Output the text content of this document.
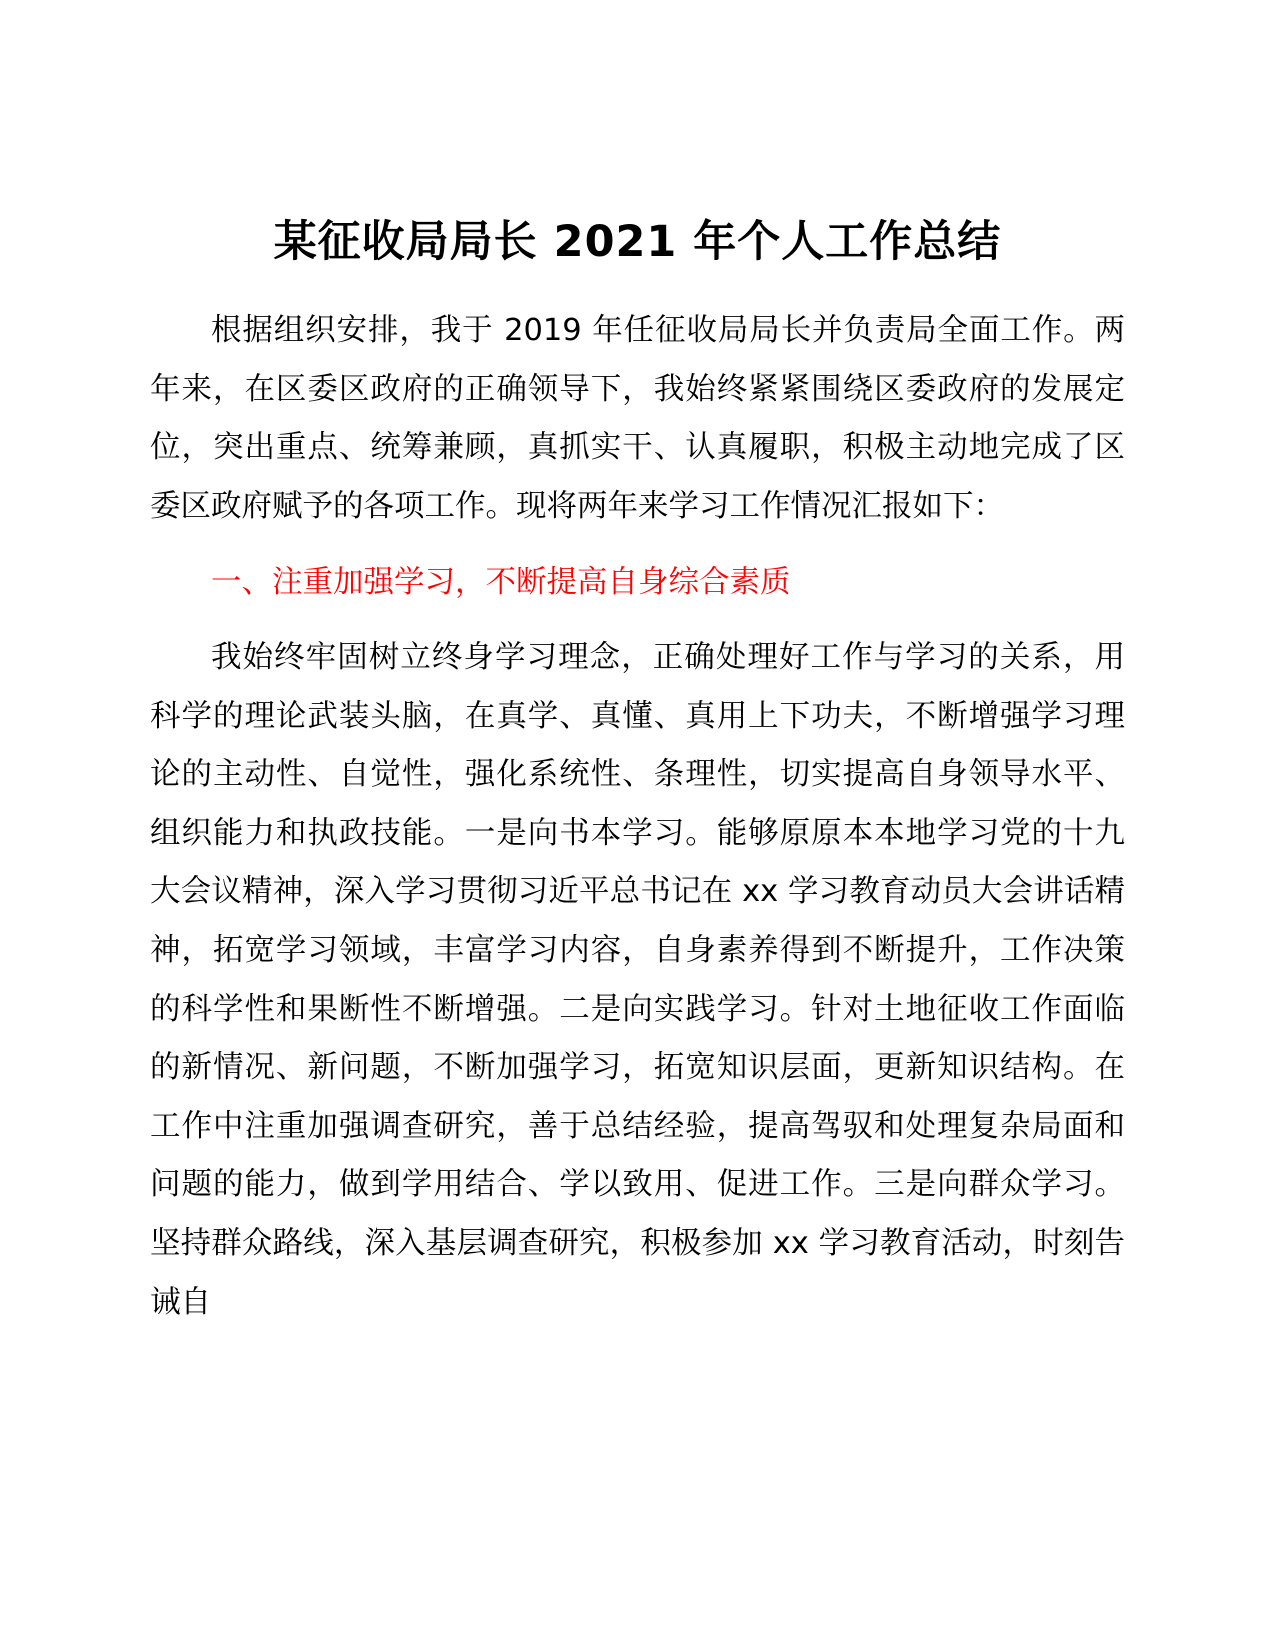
某征收局局长 2021 年个人工作总结

根据组织安排，我于 2019 年任征收局局长并负责局全面工作。两年来，在区委区政府的正确领导下，我始终紧紧围绕区委政府的发展定位，突出重点、统筹兼顾，真抓实干、认真履职，积极主动地完成了区委区政府赋予的各项工作。现将两年来学习工作情况汇报如下：

一、注重加强学习，不断提高自身综合素质

我始终牢固树立终身学习理念，正确处理好工作与学习的关系，用科学的理论武装头脑，在真学、真懂、真用上下功夫，不断增强学习理论的主动性、自觉性，强化系统性、条理性，切实提高自身领导水平、组织能力和执政技能。一是向书本学习。能够原原本本地学习党的十九大会议精神，深入学习贯彻习近平总书记在 xx 学习教育动员大会讲话精神，拓宽学习领域，丰富学习内容，自身素养得到不断提升，工作决策的科学性和果断性不断增强。二是向实践学习。针对土地征收工作面临的新情况、新问题，不断加强学习，拓宽知识层面，更新知识结构。在工作中注重加强调查研究，善于总结经验，提高驾驭和处理复杂局面和问题的能力，做到学用结合、学以致用、促进工作。三是向群众学习。坚持群众路线，深入基层调查研究，积极参加 xx 学习教育活动，时刻告诫自
